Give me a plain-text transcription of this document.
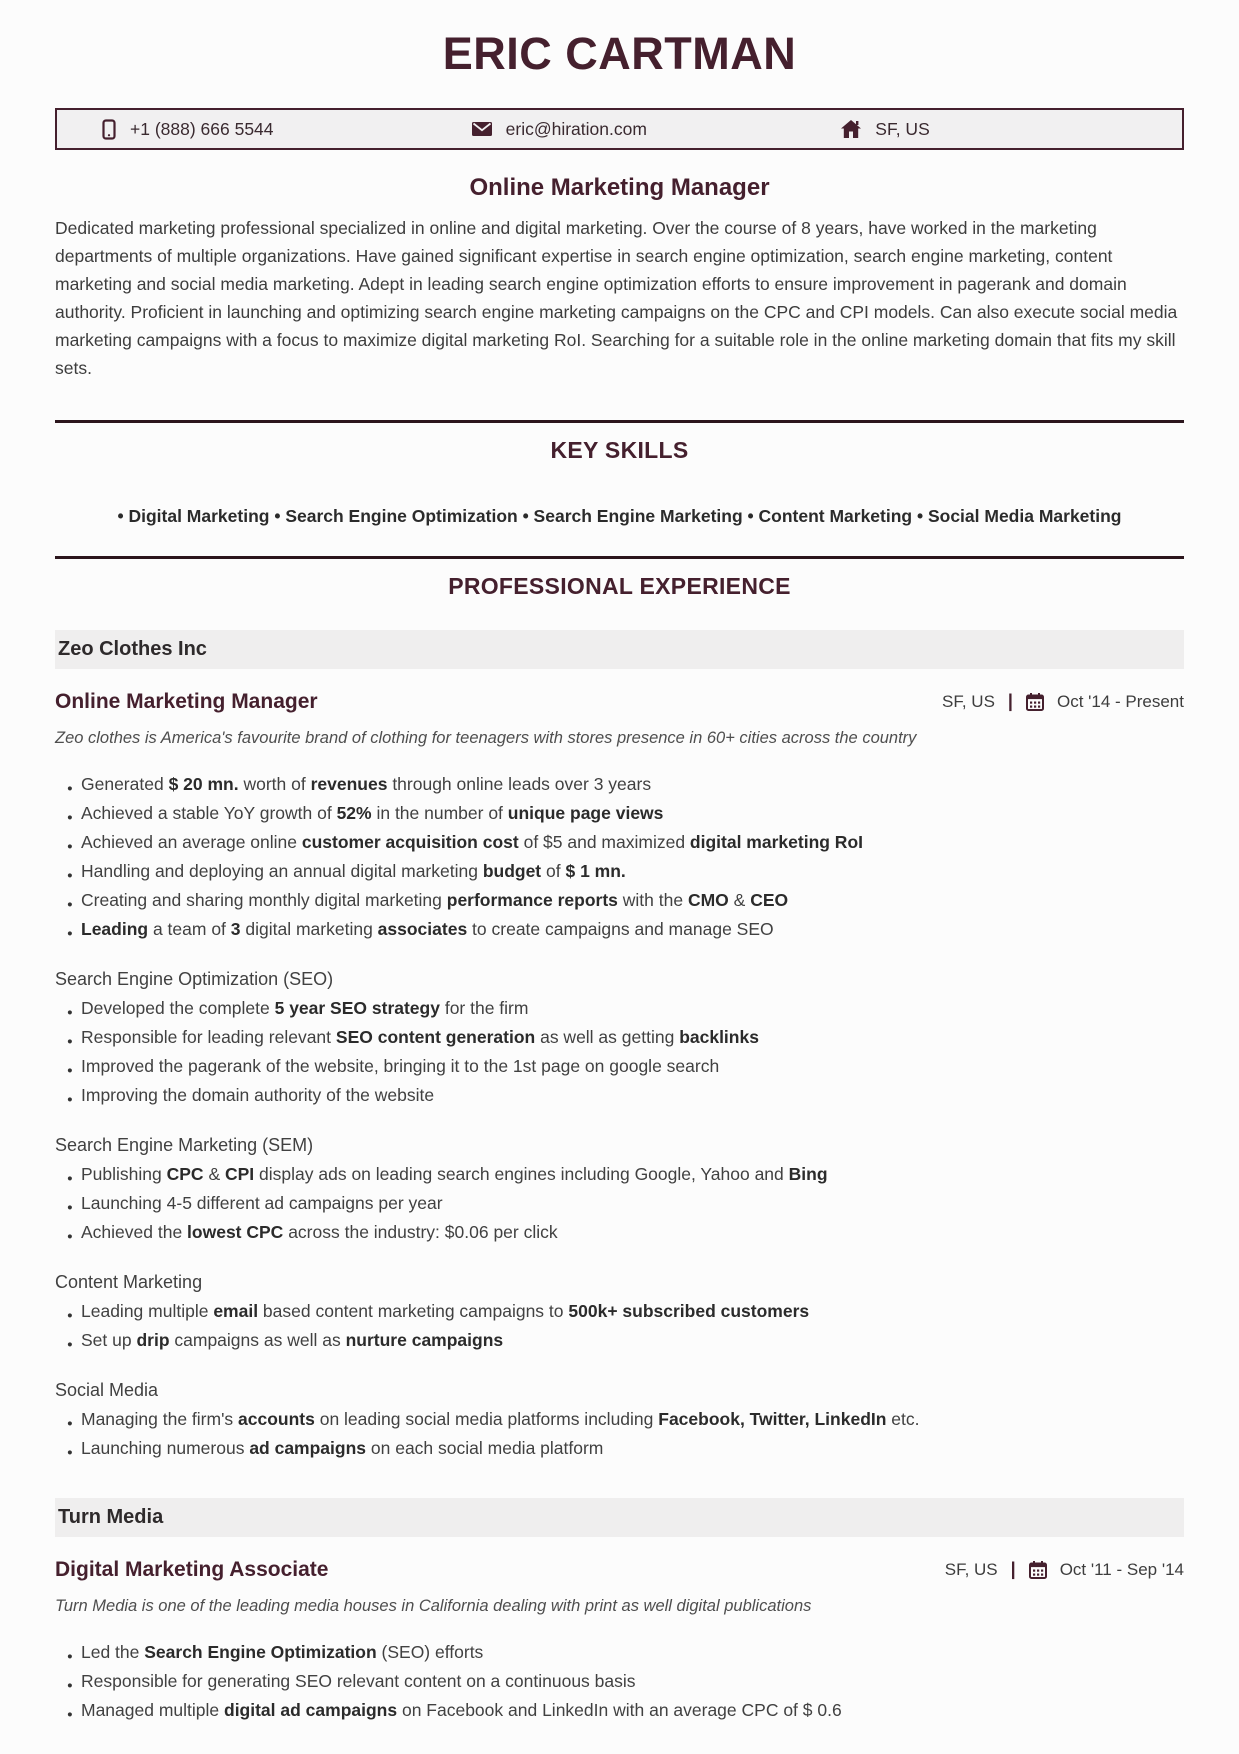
ERIC CARTMAN
+1 (888) 666 5544	eric@hiration.com	SF, US
Online Marketing Manager

Dedicated marketing professional specialized in online and digital marketing. Over the course of 8 years, have worked in the marketing departments of multiple organizations. Have gained significant expertise in search engine optimization, search engine marketing, content marketing and social media marketing. Adept in leading search engine optimization efforts to ensure improvement in pagerank and domain authority. Proficient in launching and optimizing search engine marketing campaigns on the CPC and CPI models. Can also execute social media marketing campaigns with a focus to maximize digital marketing RoI. Searching for a suitable role in the online marketing domain that fits my skill sets.

KEY SKILLS
• Digital Marketing • Search Engine Optimization • Search Engine Marketing • Content Marketing • Social Media Marketing
PROFESSIONAL EXPERIENCE
Zeo Clothes Inc
Online Marketing Manager	SF, US |	Oct '14 - Present
Zeo clothes is America's favourite brand of clothing for teenagers with stores presence in 60+ cities across the country
● Generated $ 20 mn. worth of revenues through online leads over 3 years
● Achieved a stable YoY growth of 52% in the number of unique page views
● Achieved an average online customer acquisition cost of $5 and maximized digital marketing RoI
● Handling and deploying an annual digital marketing budget of $ 1 mn.
● Creating and sharing monthly digital marketing performance reports with the CMO & CEO
● Leading a team of 3 digital marketing associates to create campaigns and manage SEO
Search Engine Optimization (SEO)
● Developed the complete 5 year SEO strategy for the firm
● Responsible for leading relevant SEO content generation as well as getting backlinks
● Improved the pagerank of the website, bringing it to the 1st page on google search
● Improving the domain authority of the website
Search Engine Marketing (SEM)
● Publishing CPC & CPI display ads on leading search engines including Google, Yahoo and Bing
● Launching 4-5 different ad campaigns per year
● Achieved the lowest CPC across the industry: $0.06 per click
Content Marketing
● Leading multiple email based content marketing campaigns to 500k+ subscribed customers
● Set up drip campaigns as well as nurture campaigns
Social Media
● Managing the firm's accounts on leading social media platforms including Facebook, Twitter, LinkedIn etc.
● Launching numerous ad campaigns on each social media platform
Turn Media
Digital Marketing Associate	SF, US |	Oct '11 - Sep '14
Turn Media is one of the leading media houses in California dealing with print as well digital publications
● Led the Search Engine Optimization (SEO) efforts
● Responsible for generating SEO relevant content on a continuous basis
● Managed multiple digital ad campaigns on Facebook and LinkedIn with an average CPC of $ 0.6
